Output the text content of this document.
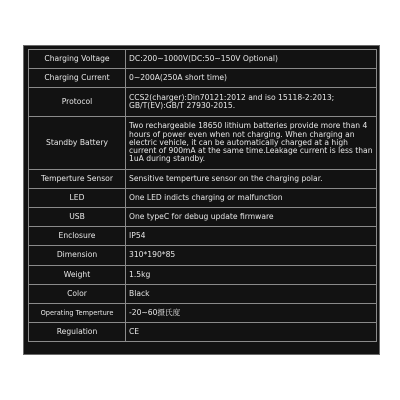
Charging Voltage	DC:200~1000V(DC:50~150V Optional)
Charging Current	0~200A(250A short time)
Protocol	CCS2(charger):Din70121:2012 and iso 15118-2:2013; GB/T(EV):GB/T 27930-2015.
Standby Battery	Two rechargeable 18650 lithium batteries provide more than 4 hours of power even when not charging. When charging an electric vehicle, it can be automatically charged at a high current of 900mA at the same time.Leakage current is less than 1uA during standby.
Temperture Sensor	Sensitive temperture sensor on the charging polar.
LED	One LED indicts charging or malfunction
USB	One typeC for debug update firmware
Enclosure	IP54
Dimension	310*190*85
Weight	1.5kg
Color	Black
Operating Temperture	-20~60摄氏度
Regulation	CE
